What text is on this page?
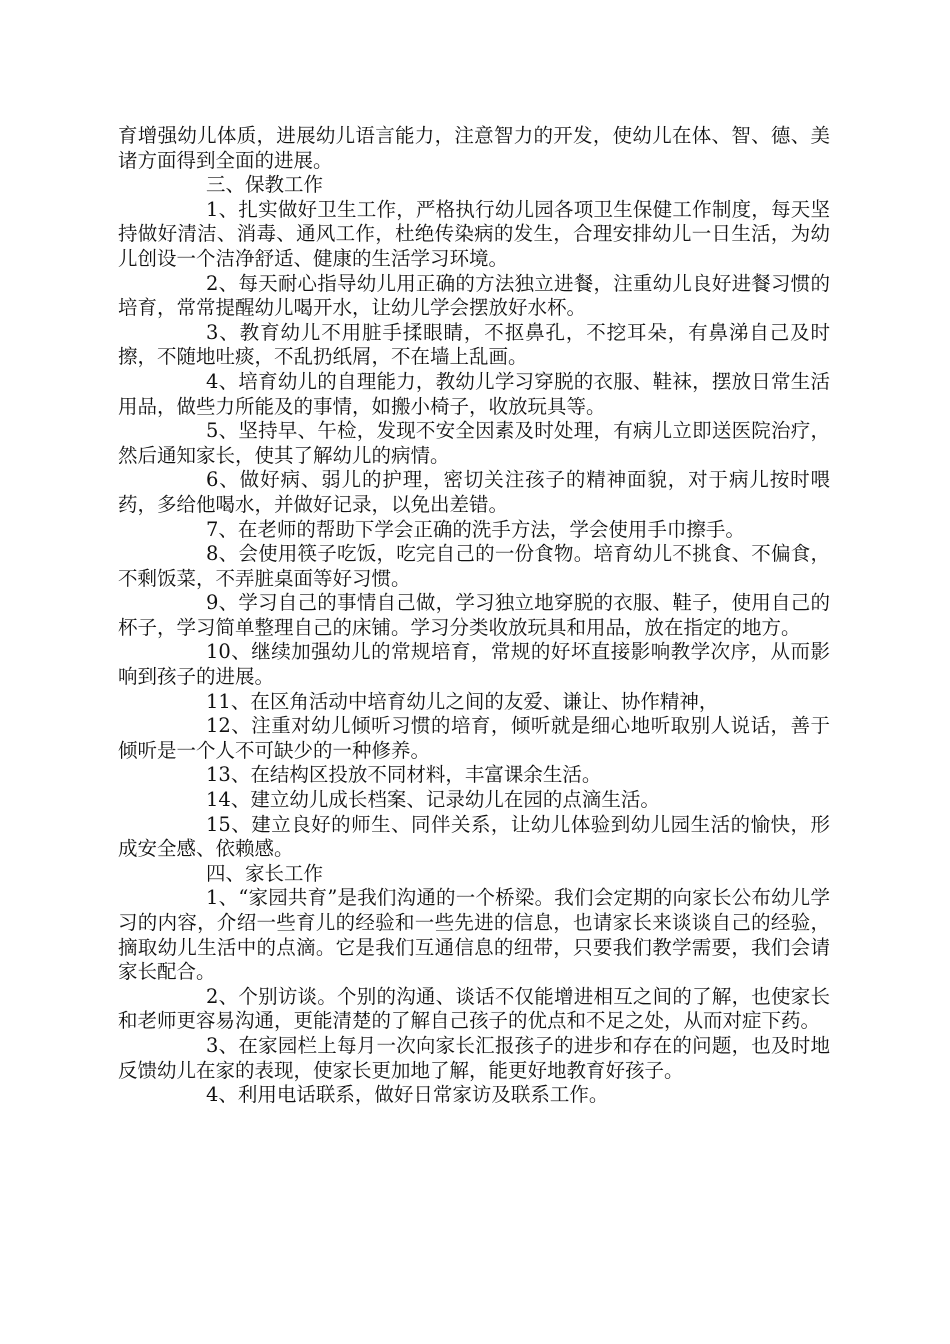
育增强幼儿体质，进展幼儿语言能力，注意智力的开发，使幼儿在体、智、德、美诸方面得到全面的进展。

三、保教工作

1、扎实做好卫生工作，严格执行幼儿园各项卫生保健工作制度，每天坚持做好清洁、消毒、通风工作，杜绝传染病的发生，合理安排幼儿一日生活，为幼儿创设一个洁净舒适、健康的生活学习环境。

2、每天耐心指导幼儿用正确的方法独立进餐，注重幼儿良好进餐习惯的培育，常常提醒幼儿喝开水，让幼儿学会摆放好水杯。

3、教育幼儿不用脏手揉眼睛，不抠鼻孔，不挖耳朵，有鼻涕自己及时擦，不随地吐痰，不乱扔纸屑，不在墙上乱画。

4、培育幼儿的自理能力，教幼儿学习穿脱的衣服、鞋袜，摆放日常生活用品，做些力所能及的事情，如搬小椅子，收放玩具等。

5、坚持早、午检，发现不安全因素及时处理，有病儿立即送医院治疗，然后通知家长，使其了解幼儿的病情。

6、做好病、弱儿的护理，密切关注孩子的精神面貌，对于病儿按时喂药，多给他喝水，并做好记录，以免出差错。

7、在老师的帮助下学会正确的洗手方法，学会使用手巾擦手。

8、会使用筷子吃饭，吃完自己的一份食物。培育幼儿不挑食、不偏食，不剩饭菜，不弄脏桌面等好习惯。

9、学习自己的事情自己做，学习独立地穿脱的衣服、鞋子，使用自己的杯子，学习简单整理自己的床铺。学习分类收放玩具和用品，放在指定的地方。

10、继续加强幼儿的常规培育，常规的好坏直接影响教学次序，从而影响到孩子的进展。

11、在区角活动中培育幼儿之间的友爱、谦让、协作精神，

12、注重对幼儿倾听习惯的培育，倾听就是细心地听取别人说话，善于倾听是一个人不可缺少的一种修养。

13、在结构区投放不同材料，丰富课余生活。

14、建立幼儿成长档案、记录幼儿在园的点滴生活。

15、建立良好的师生、同伴关系，让幼儿体验到幼儿园生活的愉快，形成安全感、依赖感。

四、家长工作

1、“家园共育”是我们沟通的一个桥梁。我们会定期的向家长公布幼儿学习的内容，介绍一些育儿的经验和一些先进的信息，也请家长来谈谈自己的经验，摘取幼儿生活中的点滴。它是我们互通信息的纽带，只要我们教学需要，我们会请家长配合。

2、个别访谈。个别的沟通、谈话不仅能增进相互之间的了解，也使家长和老师更容易沟通，更能清楚的了解自己孩子的优点和不足之处，从而对症下药。

3、在家园栏上每月一次向家长汇报孩子的进步和存在的问题，也及时地反馈幼儿在家的表现，使家长更加地了解，能更好地教育好孩子。

4、利用电话联系，做好日常家访及联系工作。
